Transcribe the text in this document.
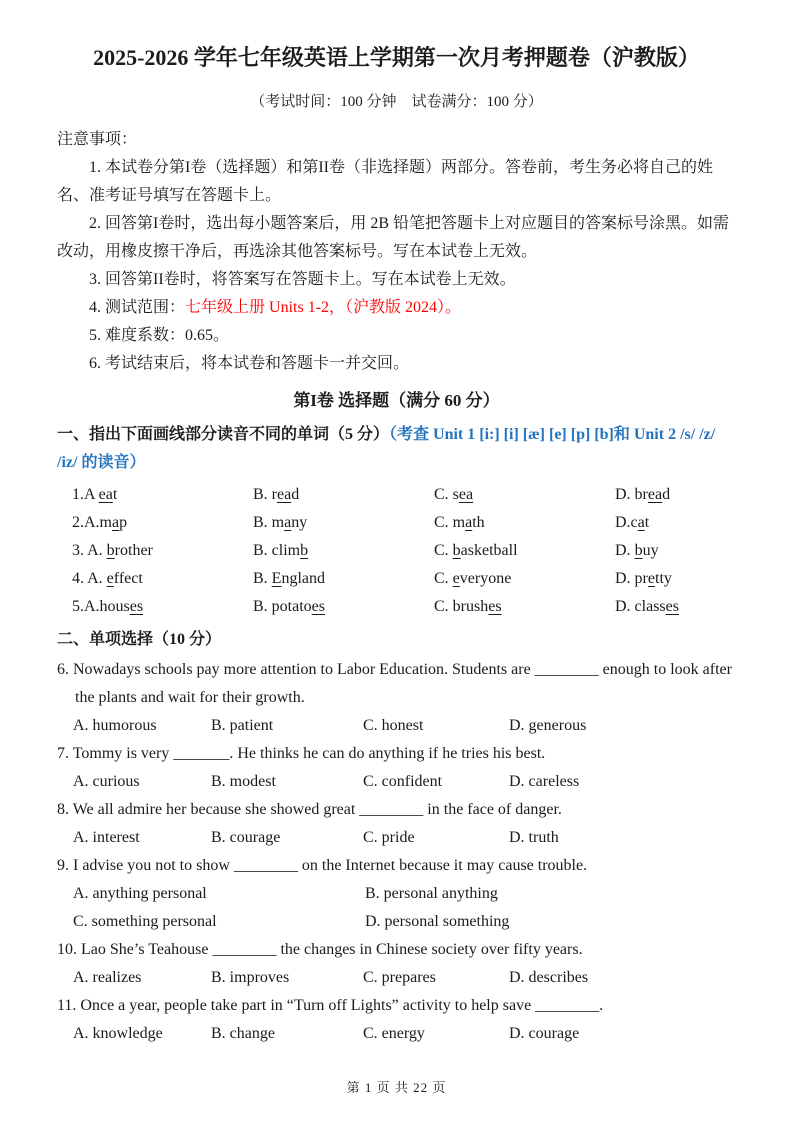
2025-2026 学年七年级英语上学期第一次月考押题卷（沪教版）
（考试时间：100 分钟　试卷满分：100 分）
注意事项：

1. 本试卷分第I卷（选择题）和第II卷（非选择题）两部分。答卷前，考生务必将自己的姓名、准考证号填写在答题卡上。

2. 回答第I卷时，选出每小题答案后，用 2B 铅笔把答题卡上对应题目的答案标号涂黑。如需改动，用橡皮擦干净后，再选涂其他答案标号。写在本试卷上无效。

3. 回答第II卷时，将答案写在答题卡上。写在本试卷上无效。

4. 测试范围：七年级上册 Units 1-2，（沪教版 2024）。

5. 难度系数：0.65。

6. 考试结束后，将本试卷和答题卡一并交回。

第I卷 选择题（满分 60 分）
一、指出下面画线部分读音不同的单词（5 分）（考查 Unit 1 [i:] [i] [æ] [e] [p] [b]和 Unit 2 /s/ /z/ /iz/ 的读音）
1.A eat	B. read	C. sea	D. bread
2.A.map	B. many	C. math	D.cat
3. A. brother	B. climb	C. basketball	D. buy
4. A. effect	B. England	C. everyone	D. pretty
5.A.houses	B. potatoes	C. brushes	D. classes
二、单项选择（10 分）

6. Nowadays schools pay more attention to Labor Education. Students are ________ enough to look after the plants and wait for their growth.

A. humorous	B. patient	C. honest	D. generous

7. Tommy is very _______. He thinks he can do anything if he tries his best.

A. curious	B. modest	C. confident	D. careless

8. We all admire her because she showed great ________ in the face of danger.

A. interest	B. courage	C. pride	D. truth

9. I advise you not to show ________ on the Internet because it may cause trouble.

A. anything personal	B. personal anything
C. something personal	D. personal something

10. Lao She’s Teahouse ________ the changes in Chinese society over fifty years.

A. realizes	B. improves	C. prepares	D. describes

11. Once a year, people take part in “Turn off Lights” activity to help save ________.

A. knowledge	B. change	C. energy	D. courage
第 1 页 共 22 页
